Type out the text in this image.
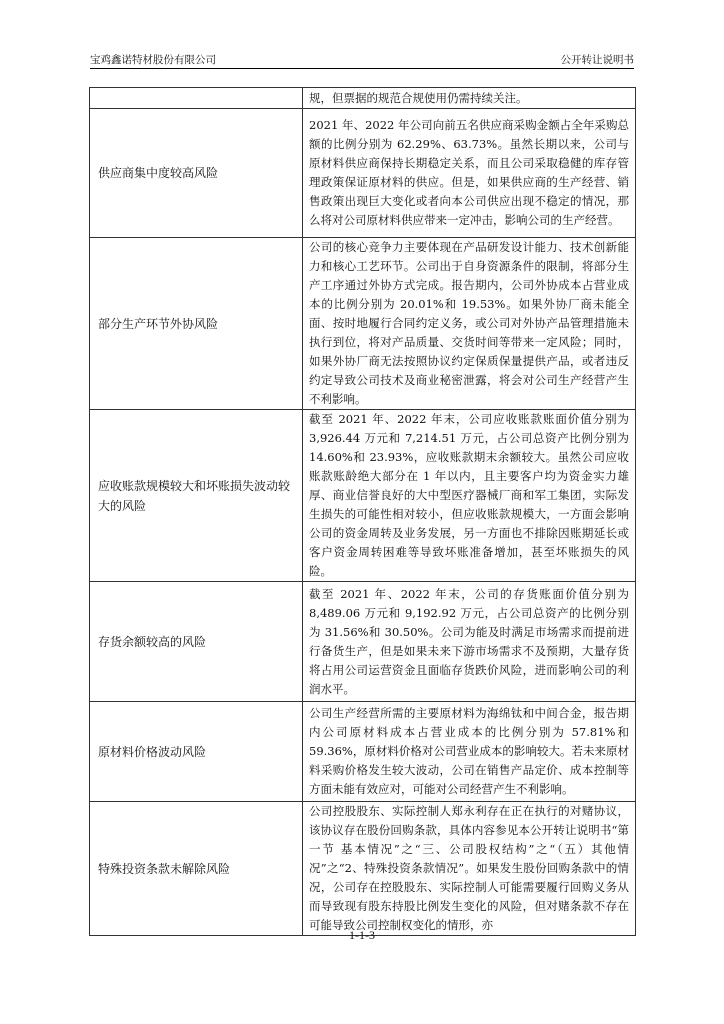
宝鸡鑫诺特材股份有限公司	公开转让说明书
	规，但票据的规范合规使用仍需持续关注。
供应商集中度较高风险	2021 年、2022 年公司向前五名供应商采购金额占全年采购总额的比例分别为 62.29%、63.73%。虽然长期以来，公司与原材料供应商保持长期稳定关系，而且公司采取稳健的库存管理政策保证原材料的供应。但是，如果供应商的生产经营、销售政策出现巨大变化或者向本公司供应出现不稳定的情况，那么将对公司原材料供应带来一定冲击，影响公司的生产经营。
部分生产环节外协风险	公司的核心竞争力主要体现在产品研发设计能力、技术创新能力和核心工艺环节。公司出于自身资源条件的限制，将部分生产工序通过外协方式完成。报告期内，公司外协成本占营业成本的比例分别为 20.01%和 19.53%。如果外协厂商未能全面、按时地履行合同约定义务，或公司对外协产品管理措施未执行到位，将对产品质量、交货时间等带来一定风险；同时，如果外协厂商无法按照协议约定保质保量提供产品，或者违反约定导致公司技术及商业秘密泄露，将会对公司生产经营产生不利影响。
应收账款规模较大和坏账损失波动较大的风险	截至 2021 年、2022 年末，公司应收账款账面价值分别为 3,926.44 万元和 7,214.51 万元，占公司总资产比例分别为 14.60%和 23.93%，应收账款期末余额较大。虽然公司应收账款账龄绝大部分在 1 年以内，且主要客户均为资金实力雄厚、商业信誉良好的大中型医疗器械厂商和军工集团，实际发生损失的可能性相对较小，但应收账款规模大，一方面会影响公司的资金周转及业务发展，另一方面也不排除因账期延长或客户资金周转困难等导致坏账准备增加，甚至坏账损失的风险。
存货余额较高的风险	截至 2021 年、2022 年末，公司的存货账面价值分别为 8,489.06 万元和 9,192.92 万元，占公司总资产的比例分别为 31.56%和 30.50%。公司为能及时满足市场需求而提前进行备货生产，但是如果未来下游市场需求不及预期，大量存货将占用公司运营资金且面临存货跌价风险，进而影响公司的利润水平。
原材料价格波动风险	公司生产经营所需的主要原材料为海绵钛和中间合金，报告期内公司原材料成本占营业成本的比例分别为 57.81%和 59.36%，原材料价格对公司营业成本的影响较大。若未来原材料采购价格发生较大波动，公司在销售产品定价、成本控制等方面未能有效应对，可能对公司经营产生不利影响。
特殊投资条款未解除风险	公司控股股东、实际控制人郑永利存在正在执行的对赌协议，该协议存在股份回购条款，具体内容参见本公开转让说明书“第一节 基本情况”之“三、公司股权结构”之“（五）其他情况”之“2、特殊投资条款情况”。如果发生股份回购条款中的情况，公司存在控股股东、实际控制人可能需要履行回购义务从而导致现有股东持股比例发生变化的风险，但对赌条款不存在可能导致公司控制权变化的情形，亦
1-1-3
